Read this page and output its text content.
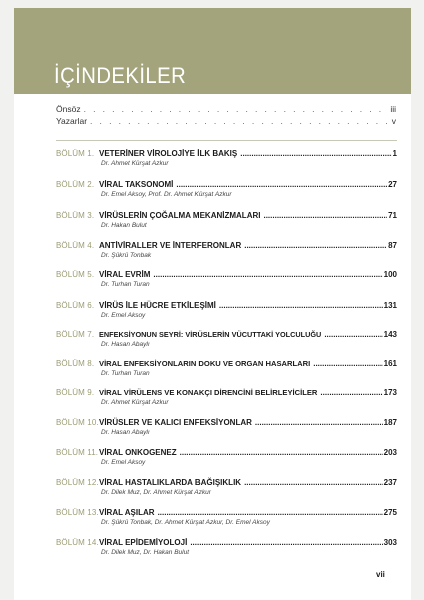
İÇİNDEKİLER
Önsöz . . .	iii
Yazarlar . . .	v
BÖLÜM 1. VETERİNER VİROLOJİYE İLK BAKIŞ .....	1
Dr. Ahmet Kürşat Azkur
BÖLÜM 2. VİRAL TAKSONOMİ .....	27
Dr. Emel Aksoy, Prof. Dr. Ahmet Kürşat Azkur
BÖLÜM 3. VİRÜSLERİN ÇOĞALMA MEKANİZMALARI .....	71
Dr. Hakan Bulut
BÖLÜM 4. ANTİVİRALLER VE İNTERFERONLAR .....	87
Dr. Şükrü Tonbak
BÖLÜM 5. VİRAL EVRİM .....	100
Dr. Turhan Turan
BÖLÜM 6. VİRÜS İLE HÜCRE ETKİLEŞİMİ .....	131
Dr. Emel Aksoy
BÖLÜM 7. ENFEKSİYONUN SEYRİ: VİRÜSLERİN VÜCUTTAKİ YOLCULUĞU .....	143
Dr. Hasan Abaylı
BÖLÜM 8. VİRAL ENFEKSİYONLARIN DOKU VE ORGAN HASARLARI .....	161
Dr. Turhan Turan
BÖLÜM 9. VİRAL VİRÜLENS VE KONAKÇI DİRENCİNİ BELİRLEYİCİLER .....	173
Dr. Ahmet Kürşat Azkur
BÖLÜM 10. VİRÜSLER VE KALICI ENFEKSİYONLAR .....	187
Dr. Hasan Abaylı
BÖLÜM 11. VİRAL ONKOGENEZ .....	203
Dr. Emel Aksoy
BÖLÜM 12. VİRAL HASTALIKLARDA BAĞIŞIKLIK .....	237
Dr. Dilek Muz, Dr. Ahmet Kürşat Azkur
BÖLÜM 13. VİRAL AŞILAR .....	275
Dr. Şükrü Tonbak, Dr. Ahmet Kürşat Azkur, Dr. Emel Aksoy
BÖLÜM 14. VİRAL EPİDEMİYOLOJİ .....	303
Dr. Dilek Muz, Dr. Hakan Bulut
vii
